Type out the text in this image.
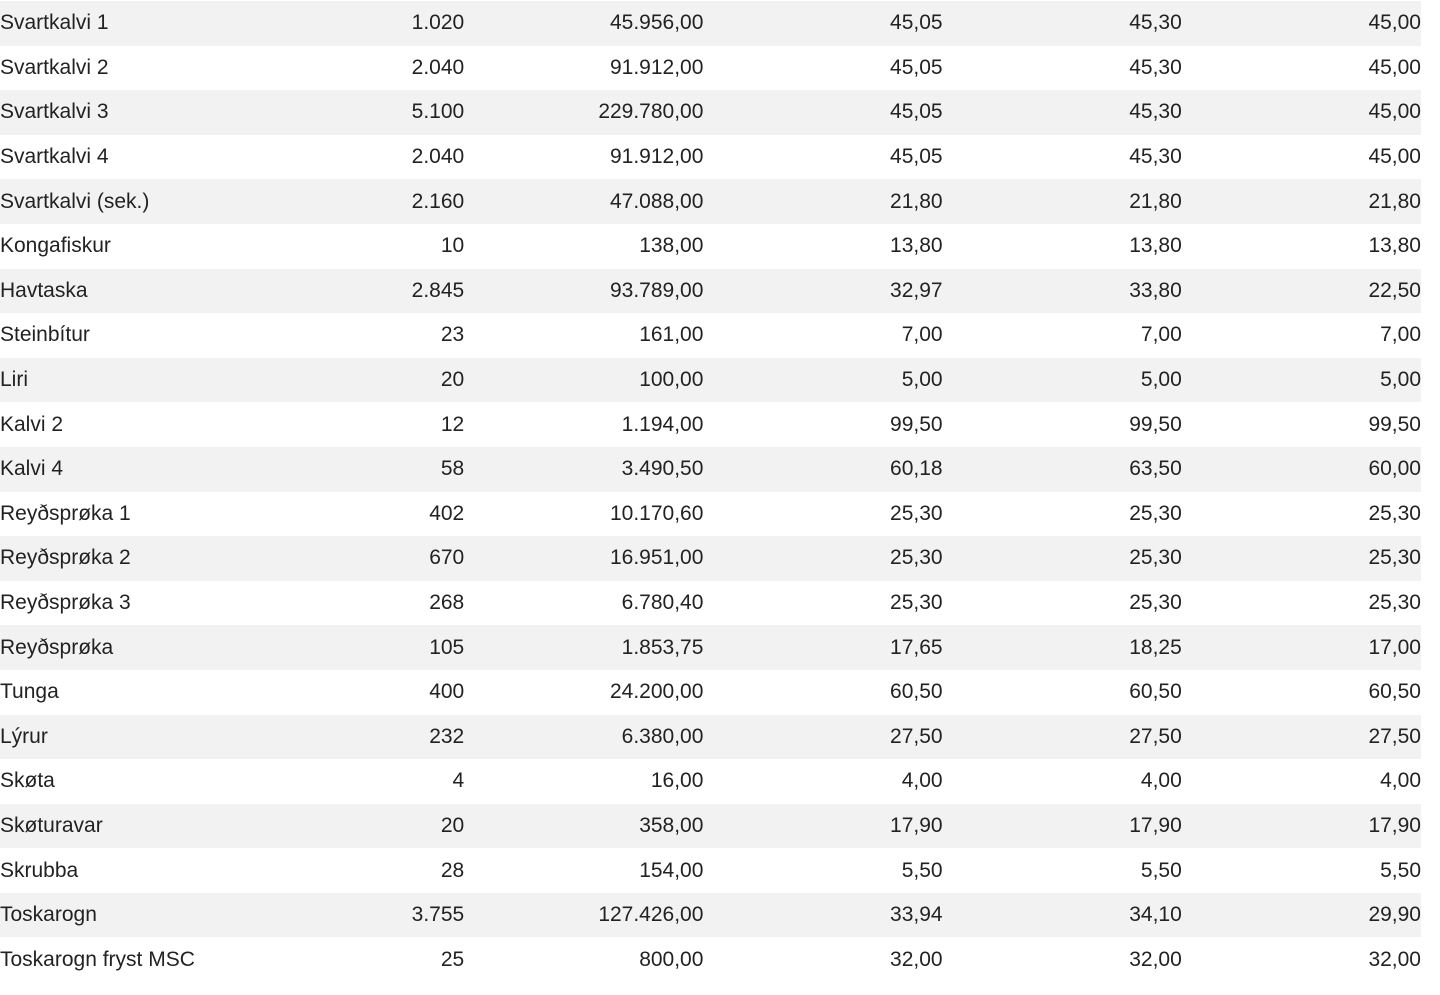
Svartkalvi 1	1.020	45.956,00	45,05	45,30	45,00
Svartkalvi 2	2.040	91.912,00	45,05	45,30	45,00
Svartkalvi 3	5.100	229.780,00	45,05	45,30	45,00
Svartkalvi 4	2.040	91.912,00	45,05	45,30	45,00
Svartkalvi (sek.)	2.160	47.088,00	21,80	21,80	21,80
Kongafiskur	10	138,00	13,80	13,80	13,80
Havtaska	2.845	93.789,00	32,97	33,80	22,50
Steinbítur	23	161,00	7,00	7,00	7,00
Liri	20	100,00	5,00	5,00	5,00
Kalvi 2	12	1.194,00	99,50	99,50	99,50
Kalvi 4	58	3.490,50	60,18	63,50	60,00
Reyðsprøka 1	402	10.170,60	25,30	25,30	25,30
Reyðsprøka 2	670	16.951,00	25,30	25,30	25,30
Reyðsprøka 3	268	6.780,40	25,30	25,30	25,30
Reyðsprøka	105	1.853,75	17,65	18,25	17,00
Tunga	400	24.200,00	60,50	60,50	60,50
Lýrur	232	6.380,00	27,50	27,50	27,50
Skøta	4	16,00	4,00	4,00	4,00
Skøturavar	20	358,00	17,90	17,90	17,90
Skrubba	28	154,00	5,50	5,50	5,50
Toskarogn	3.755	127.426,00	33,94	34,10	29,90
Toskarogn fryst MSC	25	800,00	32,00	32,00	32,00
